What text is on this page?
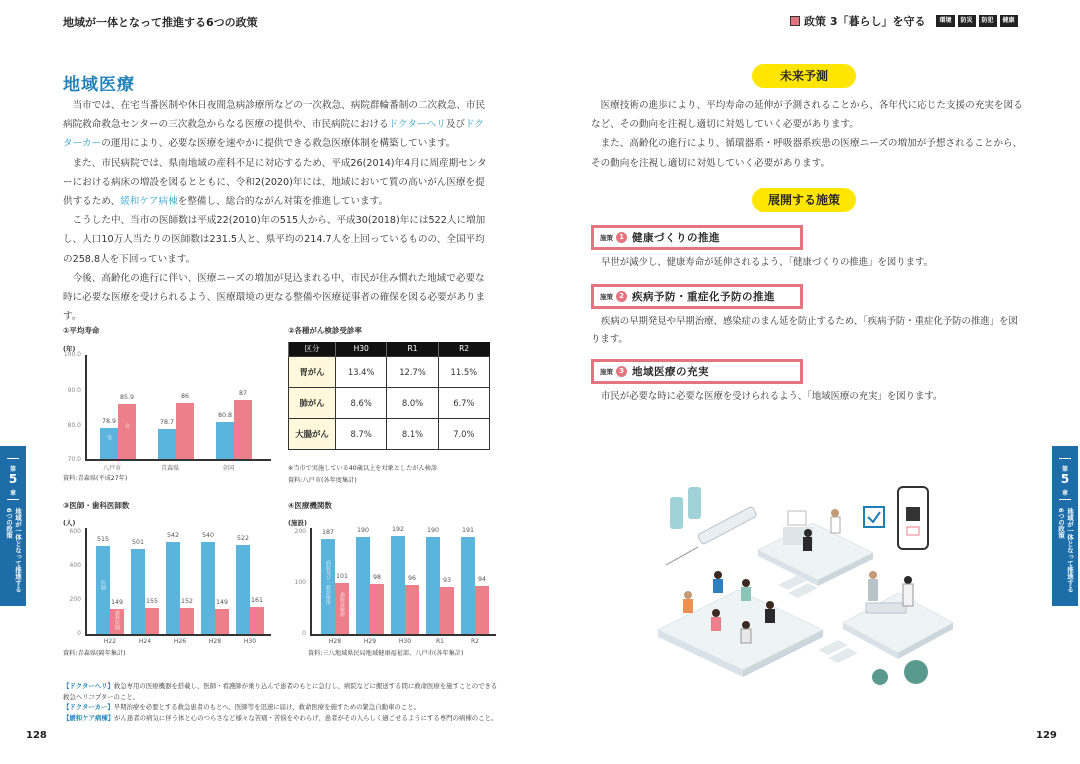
地域が一体となって推進する6つの政策	政策 3「暮らし」を守る	環境	防災	防犯	健康
地域医療

当市では、在宅当番医制や休日夜間急病診療所などの一次救急、病院群輪番制の二次救急、市民病院救命救急センターの三次救急からなる医療の提供や、市民病院におけるドクターヘリ及びドクターカーの運用により、必要な医療を速やかに提供できる救急医療体制を構築しています。

また、市民病院では、県南地域の産科不足に対応するため、平成26(2014)年4月に周産期センターにおける病床の増設を図るとともに、令和2(2020)年には、地域において質の高いがん医療を提供するため、緩和ケア病棟を整備し、総合的ながん対策を推進しています。

こうした中、当市の医師数は平成22(2010)年の515人から、平成30(2018)年には522人に増加し、人口10万人当たりの医師数は231.5人と、県平均の214.7人を上回っているものの、全国平均の258.8人を下回っています。

今後、高齢化の進行に伴い、医療ニーズの増加が見込まれる中、市民が住み慣れた地域で必要な時に必要な医療を受けられるよう、医療環境の更なる整備や医療従事者の確保を図る必要があります。

①平均寿命
(年)
100.0
90.0
80.0
70.0
78.9
85.9
78.7
86
80.8
87
男
女
八戸市	青森県	全国
資料:青森県(平成27年)
②各種がん検診受診率
区分	H30	R1	R2
胃がん	13.4%	12.7%	11.5%
肺がん	8.6%	8.0%	6.7%
大腸がん	8.7%	8.1%	7.0%
※当市で実施している40歳以上を対象としたがん検診
資料:八戸市(各年度集計)
③医師・歯科医師数
(人)
600
400
200
0
515
149
501
155
542
152
540
149
522
161
医師
歯科医師
H22	H24	H26	H28	H30
資料:青森県(隔年集計)
④医療機関数
(施設)
200
100
0
187
101
190
98
192
96
190
93
191
94
病院及び一般診療所 歯科診療所
H28	H29	H30	R1	R2
資料:三八地域県民局地域健康福祉部、八戸市(各年集計)

【ドクターヘリ】救急専用の医療機器を搭載し、医師・看護師が乗り込んで患者のもとに急行し、病院などに搬送する間に救命医療を施すことのできる救急ヘリコプターのこと。

【ドクターカー】早期治療を必要とする救急患者のもとへ、医師等を迅速に届け、救命医療を施すための緊急自動車のこと。

【緩和ケア病棟】がん患者の病気に伴う体と心のつらさなど様々な苦痛・苦悩をやわらげ、患者がその人らしく過ごせるようにする専門の病棟のこと。

128	129
第
5
章
地域が一体となって推進する
6つの政策
第
5
章
地域が一体となって推進する
6つの政策
未来予測

医療技術の進歩により、平均寿命の延伸が予測されることから、各年代に応じた支援の充実を図るなど、その動向を注視し適切に対処していく必要があります。

また、高齢化の進行により、循環器系・呼吸器系疾患の医療ニーズの増加が予想されることから、その動向を注視し適切に対処していく必要があります。

展開する施策
施策 1 健康づくりの推進
早世が減少し、健康寿命が延伸されるよう、「健康づくりの推進」を図ります。
施策 2 疾病予防・重症化予防の推進
疾病の早期発見や早期治療、感染症のまん延を防止するため、「疾病予防・重症化予防の推進」を図ります。
施策 3 地域医療の充実
市民が必要な時に必要な医療を受けられるよう、「地域医療の充実」を図ります。
